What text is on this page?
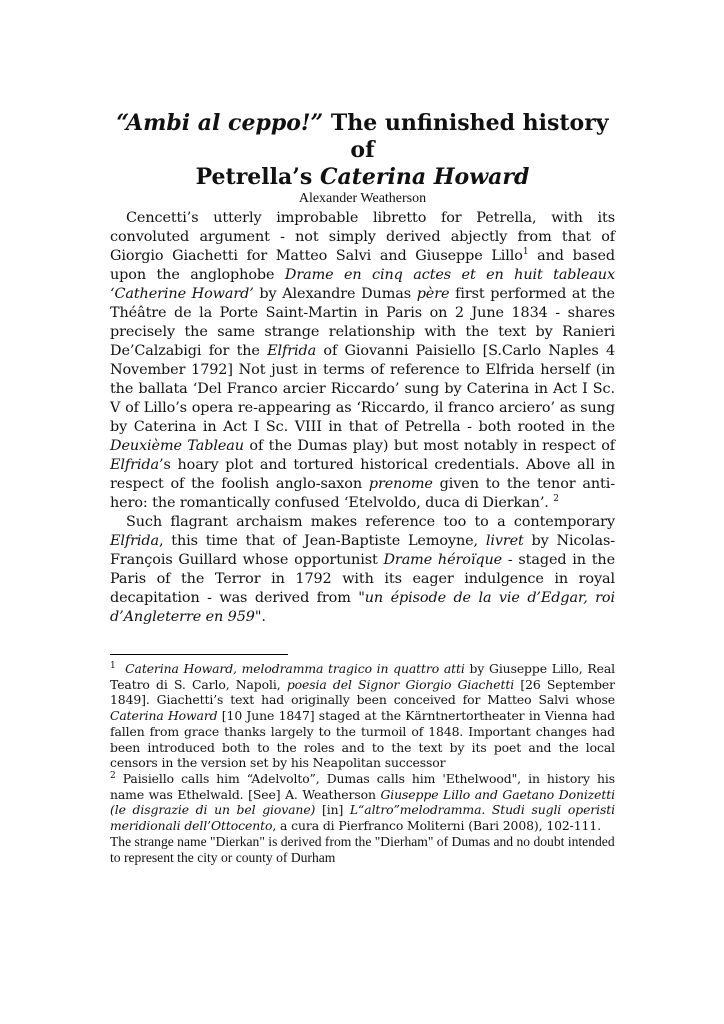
“Ambi al ceppo!” The unfinished history
of
Petrella’s Caterina Howard

Alexander Weatherson

Cencetti’s utterly improbable libretto for Petrella, with its convoluted argument - not simply derived abjectly from that of Giorgio Giachetti for Matteo Salvi and Giuseppe Lillo$^1$ and based upon the anglophobe Drame en cinq actes et en huit tableaux ‘Catherine Howard’ by Alexandre Dumas père first performed at the Théâtre de la Porte Saint-Martin in Paris on 2 June 1834 - shares precisely the same strange relationship with the text by Ranieri De’Calzabigi for the Elfrida of Giovanni Paisiello [S.Carlo Naples 4 November 1792] Not just in terms of reference to Elfrida herself (in the ballata ‘Del Franco arcier Riccardo’ sung by Caterina in Act I Sc. V of Lillo’s opera re-appearing as ‘Riccardo, il franco arciero’ as sung by Caterina in Act I Sc. VIII in that of Petrella - both rooted in the Deuxième Tableau of the Dumas play) but most notably in respect of Elfrida’s hoary plot and tortured historical credentials. Above all in respect of the foolish anglo-saxon prenome given to the tenor anti-hero: the romantically confused ‘Etelvoldo, duca di Dierkan’. $^2$

Such flagrant archaism makes reference too to a contemporary Elfrida, this time that of Jean-Baptiste Lemoyne, livret by Nicolas-François Guillard whose opportunist Drame héroïque - staged in the Paris of the Terror in 1792 with its eager indulgence in royal decapitation - was derived from "un épisode de la vie d’Edgar, roi d’Angleterre en 959".

$^1$ Caterina Howard, melodramma tragico in quattro atti by Giuseppe Lillo, Real Teatro di S. Carlo, Napoli, poesia del Signor Giorgio Giachetti [26 September 1849]. Giachetti’s text had originally been conceived for Matteo Salvi whose Caterina Howard [10 June 1847] staged at the Kärntnertortheater in Vienna had fallen from grace thanks largely to the turmoil of 1848. Important changes had been introduced both to the roles and to the text by its poet and the local censors in the version set by his Neapolitan successor

$^2$ Paisiello calls him “Adelvolto”, Dumas calls him 'Ethelwood", in history his name was Ethelwald. [See] A. Weatherson Giuseppe Lillo and Gaetano Donizetti (le disgrazie di un bel giovane) [in] L“altro”melodramma. Studi sugli operisti meridionali dell’Ottocento, a cura di Pierfranco Moliterni (Bari 2008), 102-111.

The strange name "Dierkan" is derived from the "Dierham" of Dumas and no doubt intended to represent the city or county of Durham
